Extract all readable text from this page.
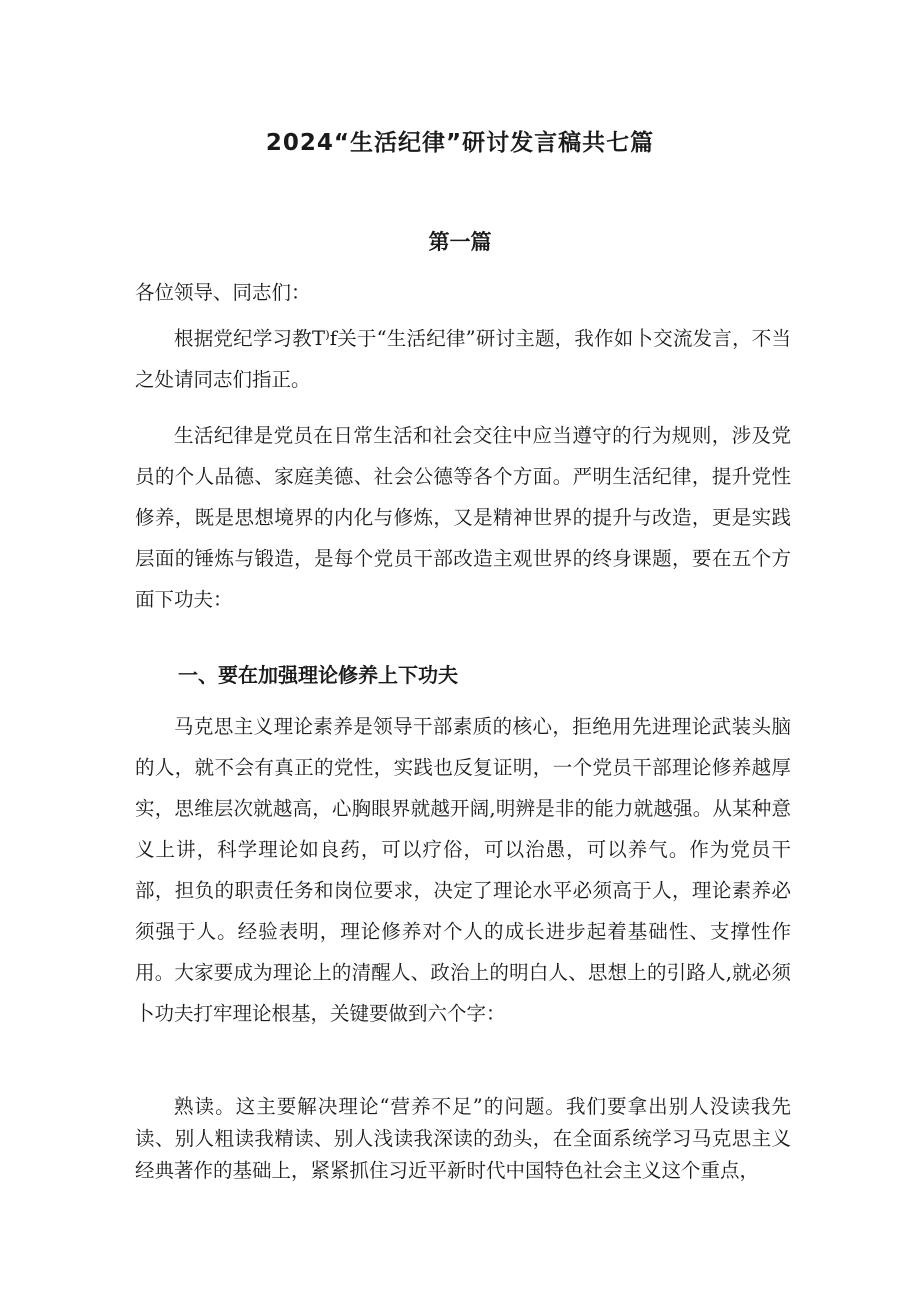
2024“生活纪律”研讨发言稿共七篇
第一篇

各位领导、同志们：

根据党纪学习教T⁾f关于“生活纪律”研讨主题，我作如卜交流发言，不当之处请同志们指正。

生活纪律是党员在日常生活和社会交往中应当遵守的行为规则，涉及党员的个人品德、家庭美德、社会公德等各个方面。严明生活纪律，提升党性修养，既是思想境界的内化与修炼，又是精神世界的提升与改造，更是实践层面的锤炼与锻造，是每个党员干部改造主观世界的终身课题，要在五个方面下功夫：

一、要在加强理论修养上下功夫

马克思主义理论素养是领导干部素质的核心，拒绝用先进理论武装头脑的人，就不会有真正的党性，实践也反复证明，一个党员干部理论修养越厚实，思维层次就越高，心胸眼界就越开阔,明辨是非的能力就越强。从某种意义上讲，科学理论如良药，可以疗俗，可以治愚，可以养气。作为党员干部，担负的职责任务和岗位要求，决定了理论水平必须高于人，理论素养必须强于人。经验表明，理论修养对个人的成长进步起着基础性、支撑性作用。大家要成为理论上的清醒人、政治上的明白人、思想上的引路人,就必须卜功夫打牢理论根基，关键要做到六个字：

熟读。这主要解决理论“营养不足”的问题。我们要拿出别人没读我先读、别人粗读我精读、别人浅读我深读的劲头，在全面系统学习马克思主义经典著作的基础上，紧紧抓住习近平新时代中国特色社会主义这个重点，
